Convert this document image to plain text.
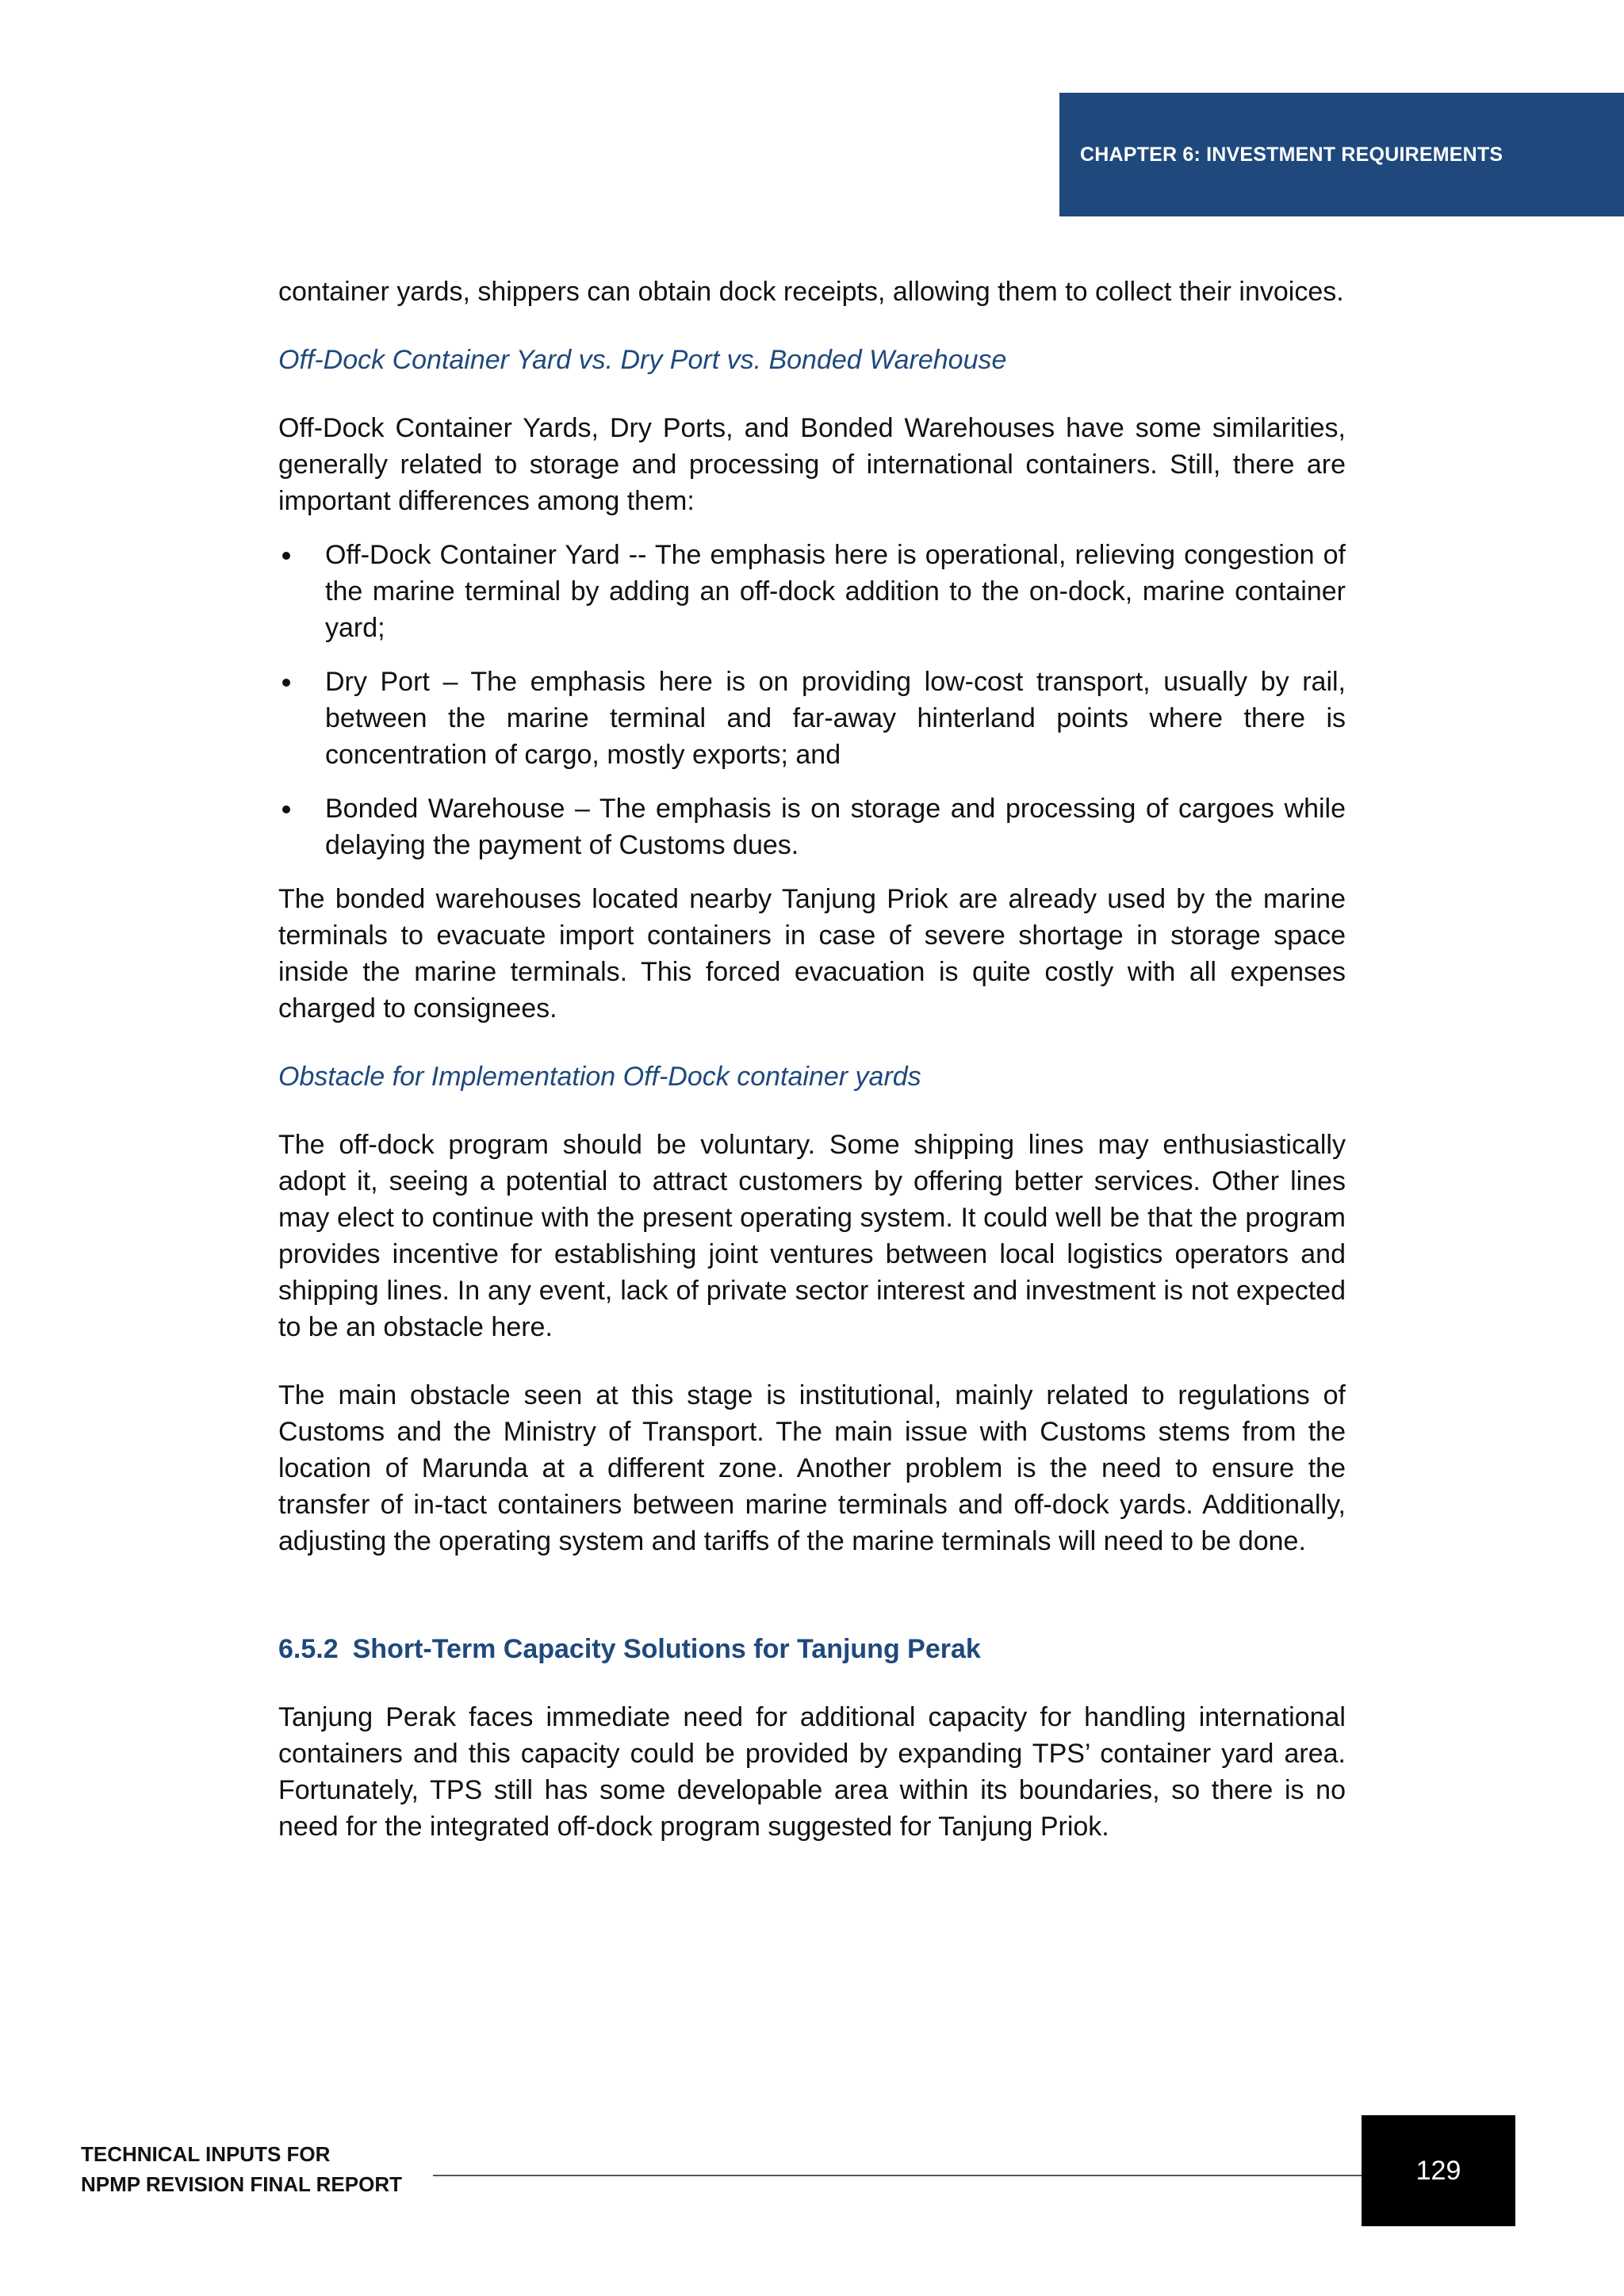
CHAPTER 6: INVESTMENT REQUIREMENTS

container yards, shippers can obtain dock receipts, allowing them to collect their invoices.

Off-Dock Container Yard vs. Dry Port vs. Bonded Warehouse

Off-Dock Container Yards, Dry Ports, and Bonded Warehouses have some similarities, generally related to storage and processing of international containers. Still, there are important differences among them:

Off-Dock Container Yard -- The emphasis here is operational, relieving congestion of the marine terminal by adding an off-dock addition to the on-dock, marine container yard;
Dry Port – The emphasis here is on providing low-cost transport, usually by rail, between the marine terminal and far-away hinterland points where there is concentration of cargo, mostly exports; and
Bonded Warehouse – The emphasis is on storage and processing of cargoes while delaying the payment of Customs dues.

The bonded warehouses located nearby Tanjung Priok are already used by the marine terminals to evacuate import containers in case of severe shortage in storage space inside the marine terminals. This forced evacuation is quite costly with all expenses charged to consignees.

Obstacle for Implementation Off-Dock container yards

The off-dock program should be voluntary. Some shipping lines may enthusiastically adopt it, seeing a potential to attract customers by offering better services. Other lines may elect to continue with the present operating system. It could well be that the program provides incentive for establishing joint ventures between local logistics operators and shipping lines. In any event, lack of private sector interest and investment is not expected to be an obstacle here.

The main obstacle seen at this stage is institutional, mainly related to regulations of Customs and the Ministry of Transport. The main issue with Customs stems from the location of Marunda at a different zone. Another problem is the need to ensure the transfer of in-tact containers between marine terminals and off-dock yards. Additionally, adjusting the operating system and tariffs of the marine terminals will need to be done.

6.5.2 Short-Term Capacity Solutions for Tanjung Perak

Tanjung Perak faces immediate need for additional capacity for handling international containers and this capacity could be provided by expanding TPS’ container yard area. Fortunately, TPS still has some developable area within its boundaries, so there is no need for the integrated off-dock program suggested for Tanjung Priok.

TECHNICAL INPUTS FOR
NPMP REVISION FINAL REPORT	129
